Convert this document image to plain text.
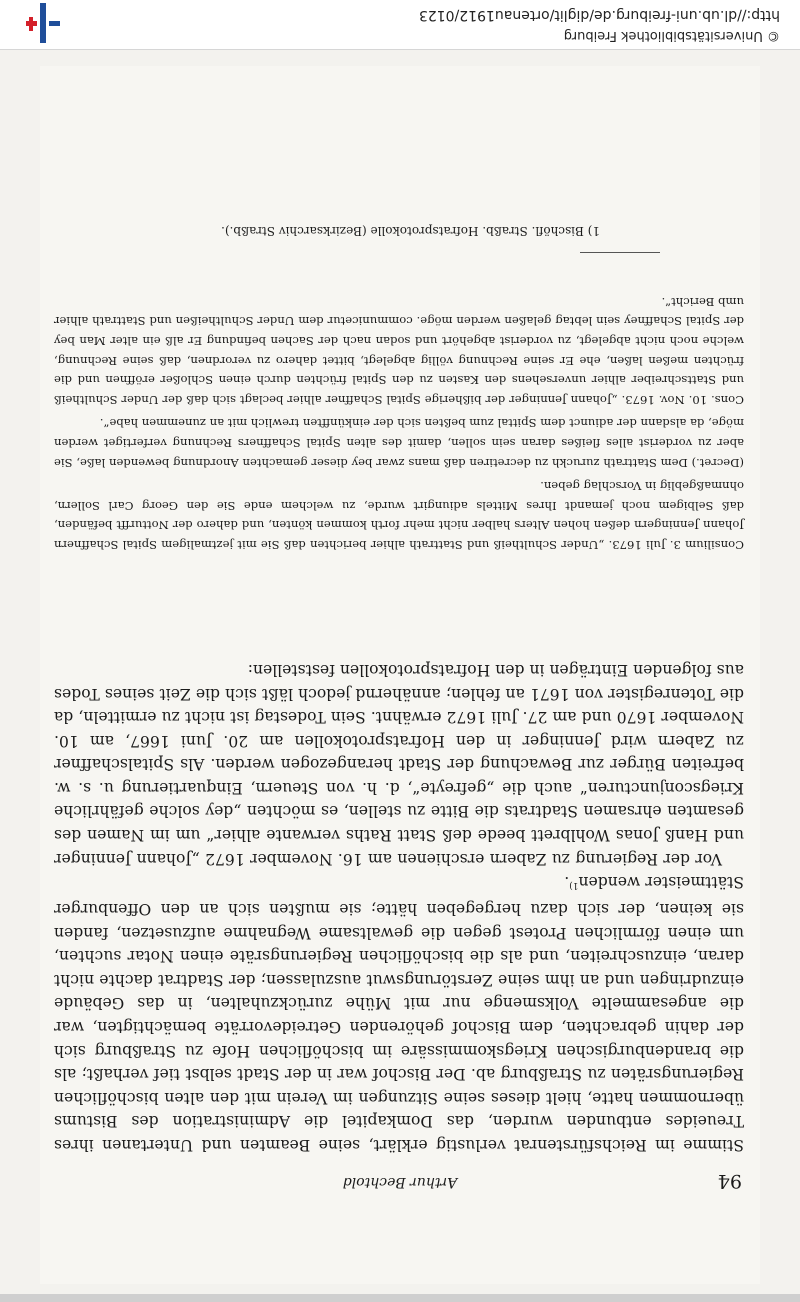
94
Arthur Bechtold

Stimme im Reichsfürstenrat verlustig erklärt, seine Beamten und Untertanen ihres Treueides entbunden wurden, das Domkapitel die Administration des Bistums übernommen hatte, hielt dieses seine Sitzungen im Verein mit den alten bischöflichen Regierungsräten zu Straßburg ab. Der Bischof war in der Stadt selbst tief verhaßt; als die brandenburgischen Kriegskommissäre im bischöflichen Hofe zu Straßburg sich der dahin gebrachten, dem Bischof gehörenden Getreidevorräte bemächtigten, war die angesammelte Volksmenge nur mit Mühe zurückzuhalten, in das Gebäude einzudringen und an ihm seine Zerstörungswut auszulassen; der Stadtrat dachte nicht daran, einzuschreiten, und als die bischöflichen Regierungsräte einen Notar suchten, um einen förmlichen Protest gegen die gewaltsame Wegnahme aufzusetzen, fanden sie keinen, der sich dazu hergegeben hätte; sie mußten sich an den Offenburger Stättmeister wenden$^{1)}$.

Vor der Regierung zu Zabern erschienen am 16. November 1672 „Johann Jenninger und Hanß Jonas Wohlbrett beede deß Statt Raths verwante alhier“ um im Namen des gesamten ehrsamen Stadtrats die Bitte zu stellen, es möchten „dey solche gefährliche Kriegsconjuncturen“ auch die „gefreyte“, d. h. von Steuern, Einquartierung u. s. w. befreiten Bürger zur Bewachung der Stadt herangezogen werden. Als Spitalschaffner zu Zabern wird Jenninger in den Hofratsprotokollen am 20. Juni 1667, am 10. November 1670 und am 27. Juli 1672 erwähnt. Sein Todestag ist nicht zu ermitteln, da die Totenregister von 1671 an fehlen; annähernd jedoch läßt sich die Zeit seines Todes aus folgenden Einträgen in den Hofratsprotokollen feststellen:

Consilium 3. Juli 1673. „Under Schultheiß und Stattrath alhier berichten daß Sie mit jeztmaligem Spital Schaffnern Johann Jenningern deßen hohen Alters halber nicht mehr forth kommen könten, und dahero der Notturfft befänden, daß Selbigem noch jemandt Ihres Mittels adiungirt wurde, zu welchem ende Sie den Georg Carl Sollern, ohnmaßgeblig in Vorschlag geben.

(Decret.) Dem Stattrath zuruckh zu decretiren daß mans zwar bey dieser gemachten Anordnung bewenden laße, Sie aber zu vorderist alles fleißes daran sein sollen, damit des alten Spital Schaffners Rechnung verfertiget werden möge, da alsdann der adiunct dem Spittal zum beßten sich der einkünfften trewlich mit an zunemmen habe“.

Cons. 10. Nov. 1673. „Johann Jenninger der bißherige Spital Schaffner alhier beclagt sich daß der Under Schultheiß und Stattschreiber alhier unversehens den Kasten zu den Spital früchten durch einen Schloßer eröffnen und die früchten meßen laßen, ehe Er seine Rechnung völlig abgelegt, bittet dahero zu verordnen, daß seine Rechnung, welche noch nicht abgelegt, zu vorderist abgehört und sodan nach der Sachen befindung Er alß ein alter Man bey der Spital Schaffney sein lebtag gelaßen werden möge. communicetur dem Under Schultheißen und Stattrath alhier umb Bericht“.

1) Bischöfl. Straßb. Hofratsprotokolle (Bezirksarchiv Straßb.).
© Universitätsbibliothek Freiburg
http://dl.ub.uni-freiburg.de/diglit/ortenau1912/0123
